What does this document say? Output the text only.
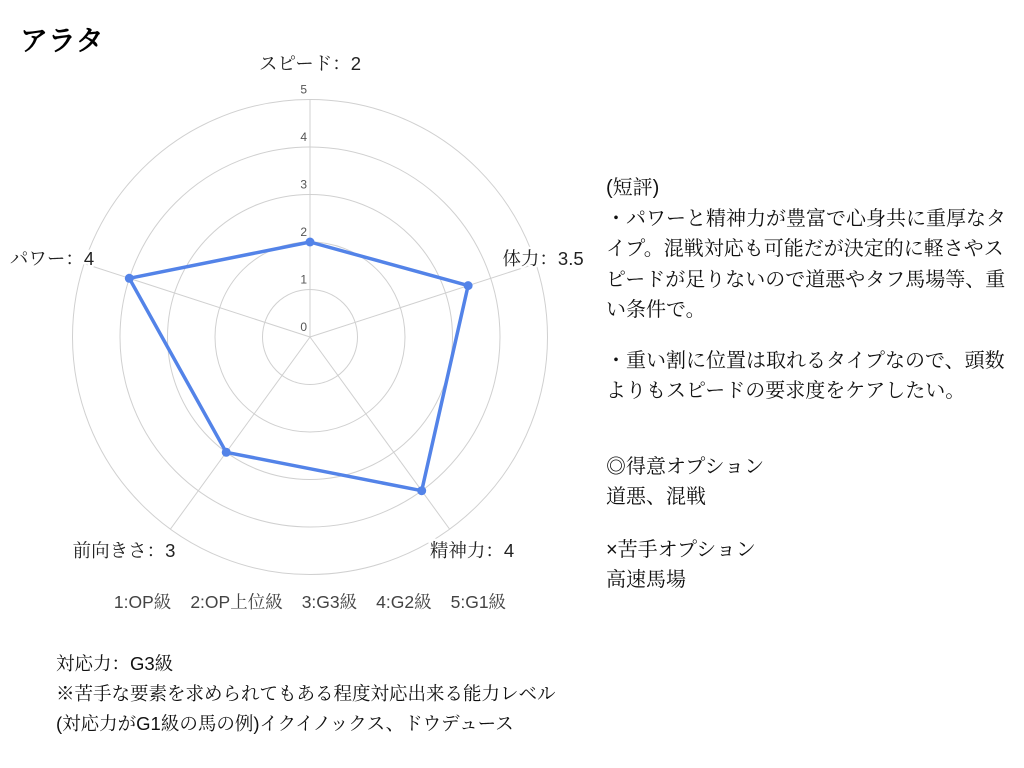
0
1
2
3
4
5
スピード：2
体力：3.5
精神力：4
前向きさ：3
パワー：4
アラタ
1:OP級 2:OP上位級 3:G3級 4:G2級 5:G1級
(短評)
・パワーと精神力が豊富で心身共に重厚なタ
イプ。混戦対応も可能だが決定的に軽さやス
ピードが足りないので道悪やタフ馬場等、重
い条件で。
・重い割に位置は取れるタイプなので、頭数
よりもスピードの要求度をケアしたい。
◎得意オプション
道悪、混戦
×苦手オプション
高速馬場
対応力：G3級
※苦手な要素を求められてもある程度対応出来る能力レベル
(対応力がG1級の馬の例)イクイノックス、ドウデュース
